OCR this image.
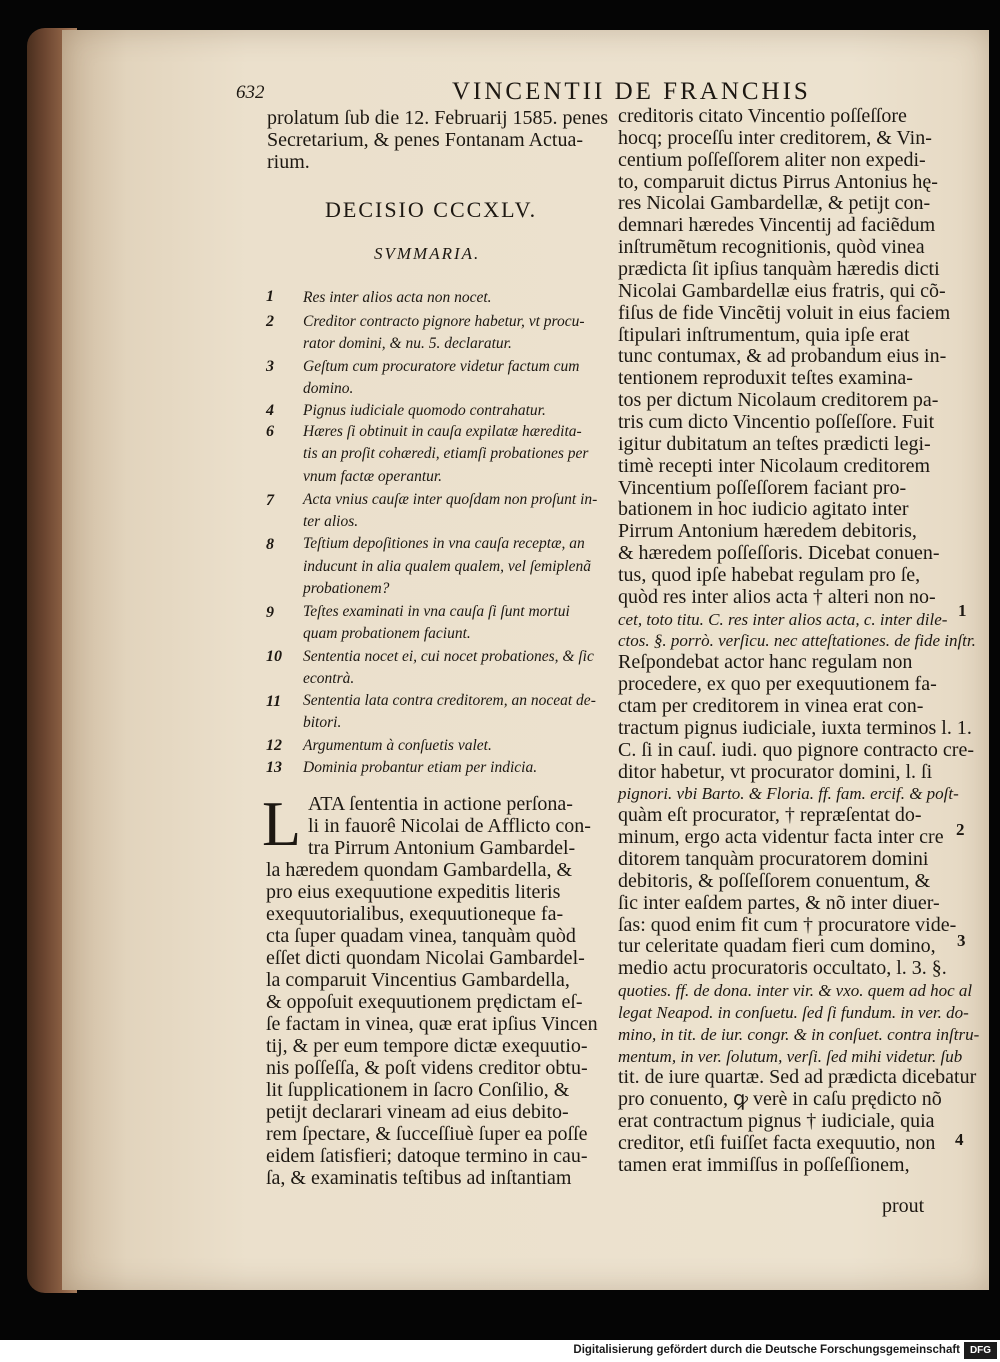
632	VINCENTII DE FRANCHIS
prolatum ſub die 12. Februarij 1585. penes
Secretarium, & penes Fontanam Actua-
rium.
DECISIO CCCXLV.
SVMMARIA.
1 Res inter alios acta non nocet.
2 Creditor contracto pignore habetur, vt procu-
rator domini, & nu. 5. declaratur.
3 Geſtum cum procuratore videtur factum cum
domino.
4 Pignus iudiciale quomodo contrahatur.
6 Hæres ſi obtinuit in cauſa expilatæ hæredita-
tis an proſit cohæredi, etiamſi probationes per
vnum factæ operantur.
7 Acta vnius cauſæ inter quoſdam non proſunt in-
ter alios.
8 Teſtium depoſitiones in vna cauſa receptæ, an
inducunt in alia qualem qualem, vel ſemiplenã
probationem?
9 Teſtes examinati in vna cauſa ſi ſunt mortui
quam probationem faciunt.
10 Sententia nocet ei, cui nocet probationes, & ſic
econtrà.
11 Sententia lata contra creditorem, an noceat de-
bitori.
12 Argumentum à conſuetis valet.
13 Dominia probantur etiam per indicia.
L ATA ſententia in actione perſona-
li in fauorê Nicolai de Afflicto con-
tra Pirrum Antonium Gambardel-
la hæredem quondam Gambardella, &
pro eius exequutione expeditis literis
exequutorialibus, exequutioneque fa-
cta ſuper quadam vinea, tanquàm quòd
eſſet dicti quondam Nicolai Gambardel-
la comparuit Vincentius Gambardella,
& oppoſuit exequutionem prędictam eſ-
ſe factam in vinea, quæ erat ipſius Vincen
tij, & per eum tempore dictæ exequutio-
nis poſſeſſa, & poſt videns creditor obtu-
lit ſupplicationem in ſacro Conſilio, &
petijt declarari vineam ad eius debito-
rem ſpectare, & ſucceſſiuè ſuper ea poſſe
eidem ſatisfieri; datoque termino in cau-
ſa, & examinatis teſtibus ad inſtantiam
creditoris citato Vincentio poſſeſſore
hocq; proceſſu inter creditorem, & Vin-
centium poſſeſſorem aliter non expedi-
to, comparuit dictus Pirrus Antonius hę-
res Nicolai Gambardellæ, & petijt con-
demnari hæredes Vincentij ad faciẽdum
inſtrumẽtum recognitionis, quòd vinea
prædicta ſit ipſius tanquàm hæredis dicti
Nicolai Gambardellæ eius fratris, qui cõ-
fiſus de fide Vincẽtij voluit in eius faciem
ſtipulari inſtrumentum, quia ipſe erat
tunc contumax, & ad probandum eius in-
tentionem reproduxit teſtes examina-
tos per dictum Nicolaum creditorem pa-
tris cum dicto Vincentio poſſeſſore. Fuit
igitur dubitatum an teſtes prædicti legi-
timè recepti inter Nicolaum creditorem
Vincentium poſſeſſorem faciant pro-
bationem in hoc iudicio agitato inter
Pirrum Antonium hæredem debitoris,
& hæredem poſſeſſoris. Dicebat conuen-
tus, quod ipſe habebat regulam pro ſe,
quòd res inter alios acta † alteri non no-
cet, toto titu. C. res inter alios acta, c. inter dile-
ctos. §. porrò. verſicu. nec atteſtationes. de fide inſtr.
Reſpondebat actor hanc regulam non
procedere, ex quo per exequutionem fa-
ctam per creditorem in vinea erat con-
tractum pignus iudiciale, iuxta terminos l. 1.
C. ſi in cauſ. iudi. quo pignore contracto cre-
ditor habetur, vt procurator domini, l. ſi
pignori. vbi Barto. & Floria. ff. fam. ercif. & poſt-
quàm eſt procurator, † repræſentat do-
minum, ergo acta videntur facta inter cre
ditorem tanquàm procuratorem domini
debitoris, & poſſeſſorem conuentum, &
ſic inter eaſdem partes, & nõ inter diuer-
ſas: quod enim fit cum † procuratore vide-
tur celeritate quadam fieri cum domino,
medio actu procuratoris occultato, l. 3. §.
quoties. ff. de dona. inter vir. & vxo. quem ad hoc al
legat Neapod. in conſuetu. ſed ſi fundum. in ver. do-
mino, in tit. de iur. congr. & in conſuet. contra inſtru-
mentum, in ver. ſolutum, verſi. ſed mihi videtur. ſub
tit. de iure quartæ. Sed ad prædicta dicebatur
pro conuento, ꝙ verè in caſu prędicto nõ
erat contractum pignus † iudiciale, quia
creditor, etſi fuiſſet facta exequutio, non
tamen erat immiſſus in poſſeſſionem,
prout
1
2
3
4
Digitalisierung gefördert durch die Deutsche Forschungsgemeinschaft DFG
